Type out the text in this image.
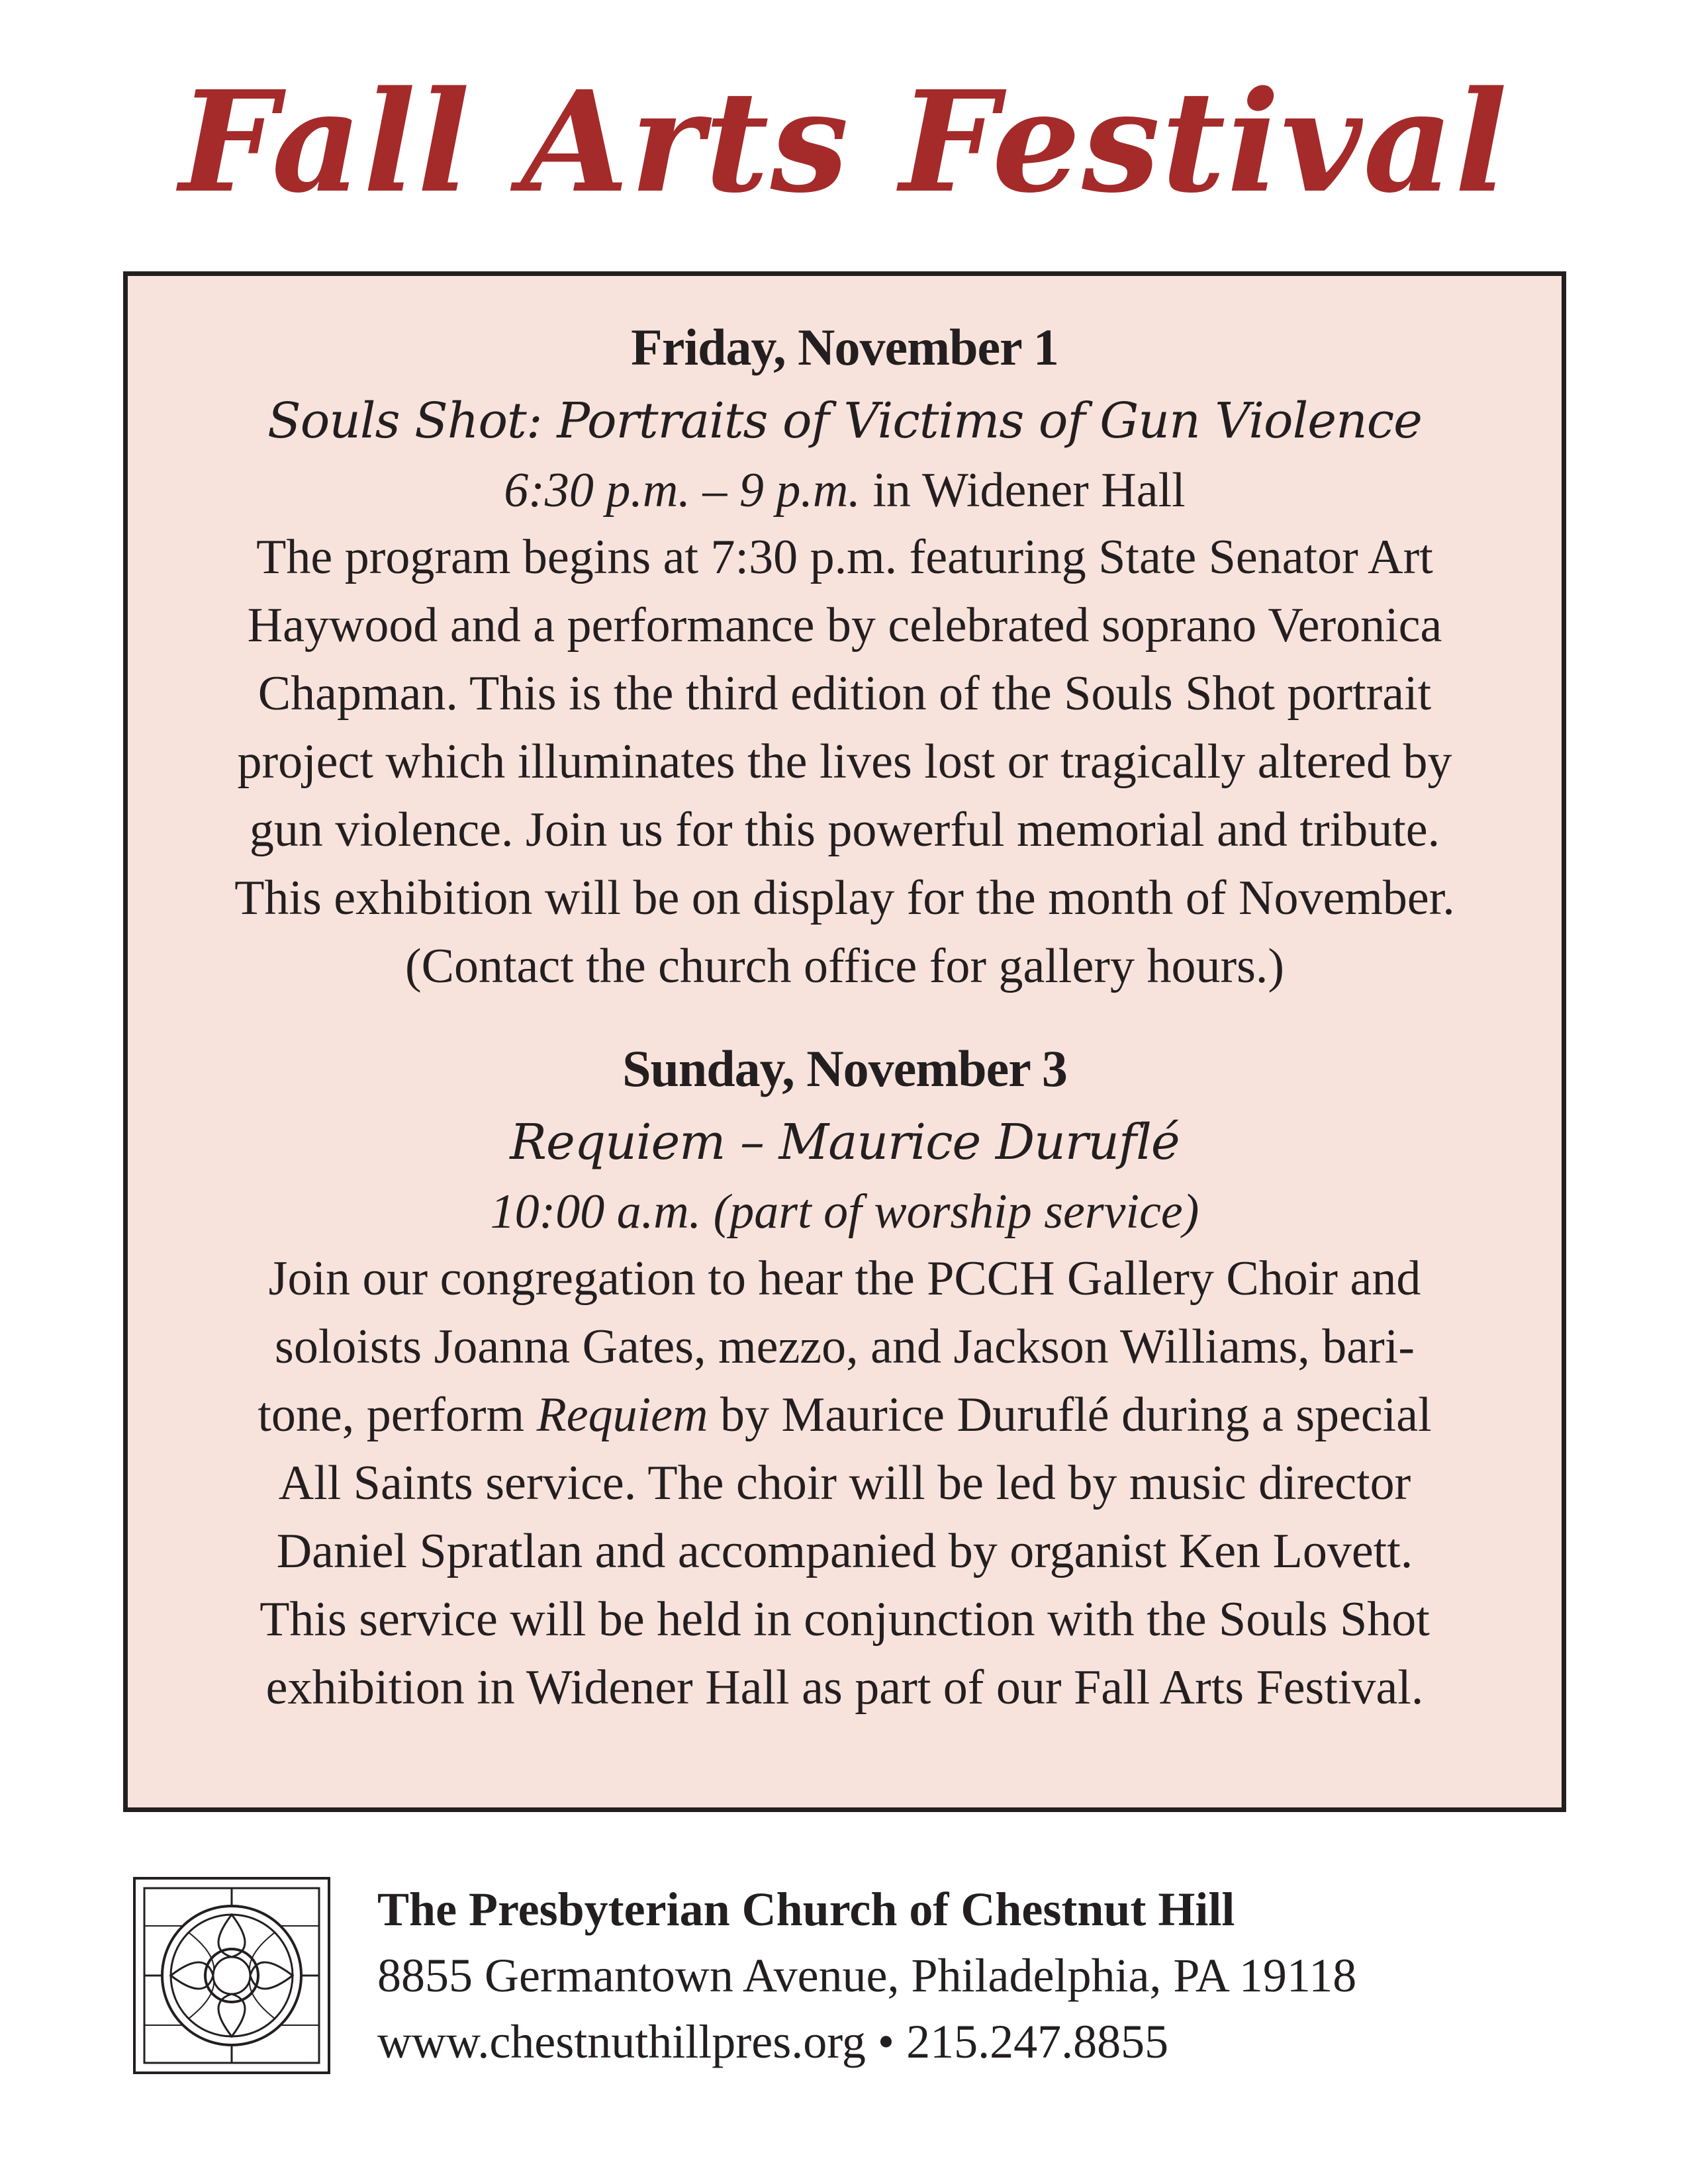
Fall Arts Festival

Friday, November 1

Souls Shot: Portraits of Victims of Gun Violence

6:30 p.m. – 9 p.m. in Widener Hall

The program begins at 7:30 p.m. featuring State Senator Art
Haywood and a performance by celebrated soprano Veronica
Chapman. This is the third edition of the Souls Shot portrait
project which illuminates the lives lost or tragically altered by
gun violence. Join us for this powerful memorial and tribute.
This exhibition will be on display for the month of November.
(Contact the church office for gallery hours.)

Sunday, November 3

Requiem – Maurice Duruflé

10:00 a.m. (part of worship service)

Join our congregation to hear the PCCH Gallery Choir and
soloists Joanna Gates, mezzo, and Jackson Williams, bari-
tone, perform Requiem by Maurice Duruflé during a special
All Saints service. The choir will be led by music director
Daniel Spratlan and accompanied by organist Ken Lovett.
This service will be held in conjunction with the Souls Shot
exhibition in Widener Hall as part of our Fall Arts Festival.

The Presbyterian Church of Chestnut Hill

8855 Germantown Avenue, Philadelphia, PA 19118

www.chestnuthillpres.org • 215.247.8855
